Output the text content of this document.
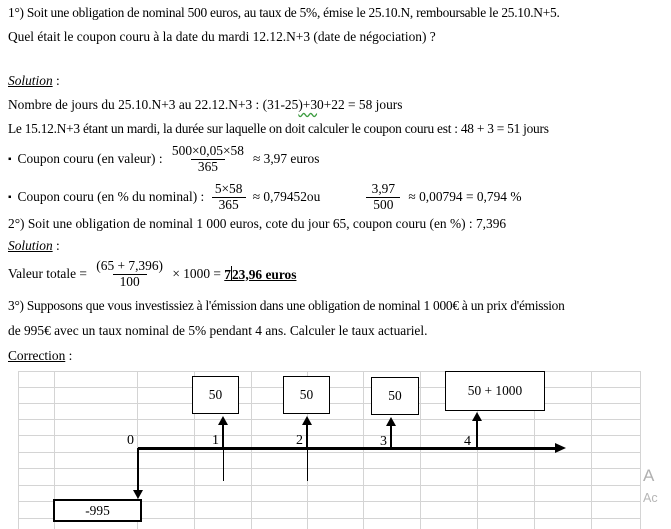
1°) Soit une obligation de nominal 500 euros, au taux de 5%, émise le 25.10.N, remboursable le 25.10.N+5.
Quel était le coupon couru à la date du mardi 12.12.N+3 (date de négociation) ?
Solution :
Nombre de jours du 25.10.N+3 au 22.12.N+3 : (31-25)+30+22 = 58 jours
Le 15.12.N+3 étant un mardi, la durée sur laquelle on doit calculer le coupon couru est : 48 + 3 = 51 jours
▪ Coupon couru (en valeur) : $\frac{500\times 0,05\times 58}{365} \approx 3,97$ euros
▪ Coupon couru (en % du nominal) : $\frac{5\times 58}{365} \approx 0,79452ou$	$\frac{3,97}{500} \approx 0,00794 = 0,794$ %
2°) Soit une obligation de nominal 1 000 euros, cote du jour 65, coupon couru (en %) : 7,396
Solution :
Valeur totale = $\frac{(65 + 7,396)}{100} \times 1000 = 723,96$ euros
3°) Supposons que vous investissiez à l'émission dans une obligation de nominal 1 000€ à un prix d'émission
de 995€ avec un taux nominal de 5% pendant 4 ans. Calculer le taux actuariel.
Correction :
50	50	50	50 + 1000
0	1	2	3	4
-995
A
Ac
